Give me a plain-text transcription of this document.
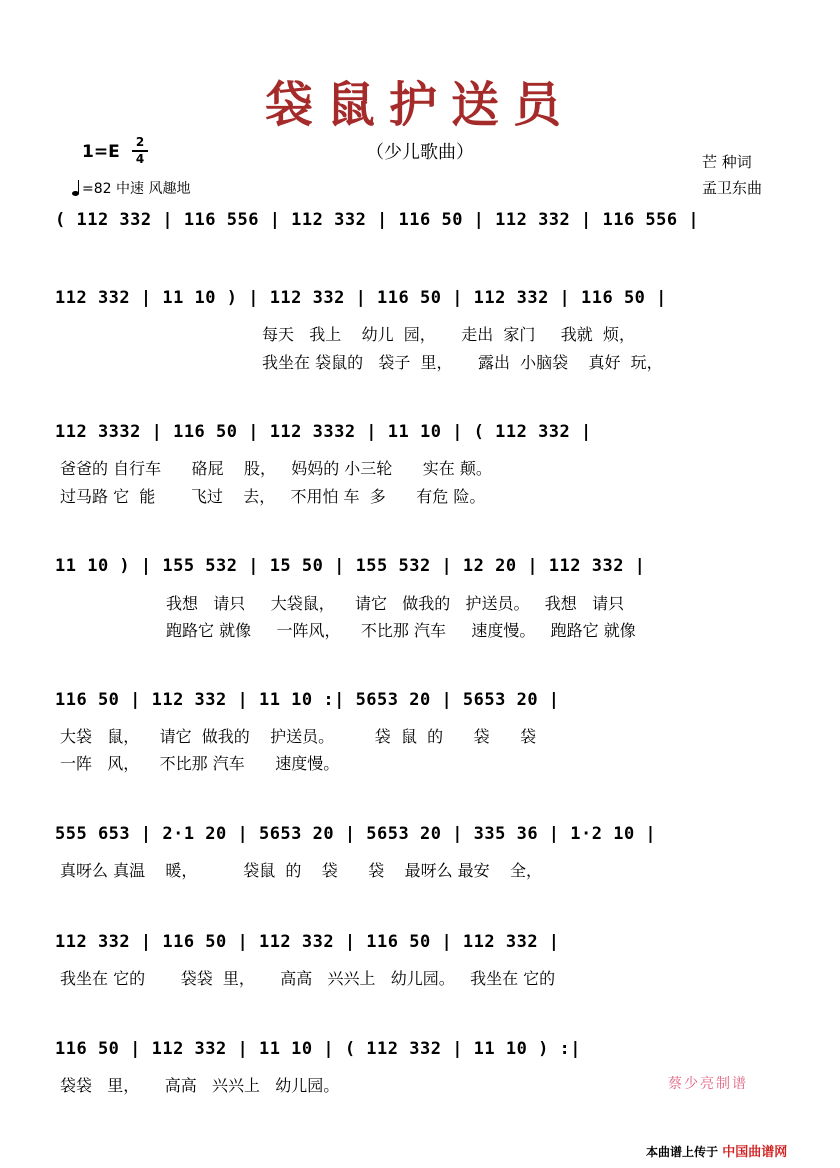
袋鼠护送员
（少儿歌曲）
1=E	2
4
=82 中速 风趣地
芒 种词
孟卫东曲
( 112 332 | 116 556 | 112 332 | 116 50 | 112 332 | 116 556 |
112 332 | 11 10 ) | 112 332 | 116 50 | 112 332 | 116 50 |
每天   我上    幼儿  园，     走出  家门     我就  烦，
我坐在 袋鼠的   袋子  里，     露出  小脑袋    真好  玩，
112 3332 | 116 50 | 112 3332 | 11 10 | ( 112 332 |
爸爸的 自行车      硌屁    股，   妈妈的 小三轮      实在 颠。
过马路 它  能       飞过    去，   不用怕 车  多      有危 险。
11 10 ) | 155 532 | 15 50 | 155 532 | 12 20 | 112 332 |
我想   请只     大袋鼠，    请它   做我的   护送员。   我想   请只
跑路它 就像     一阵风，    不比那 汽车     速度慢。   跑路它 就像
116 50 | 112 332 | 11 10 :| 5653 20 | 5653 20 |
大袋   鼠，    请它  做我的    护送员。        袋  鼠  的      袋      袋
一阵   风，    不比那 汽车      速度慢。
555 653 | 2·1 20 | 5653 20 | 5653 20 | 335 36 | 1·2 10 |
真呀么 真温    暖，         袋鼠  的    袋      袋    最呀么 最安    全，
112 332 | 116 50 | 112 332 | 116 50 | 112 332 |
我坐在 它的       袋袋  里，     高高   兴兴上   幼儿园。   我坐在 它的
116 50 | 112 332 | 11 10 | ( 112 332 | 11 10 ) :|
袋袋   里，     高高   兴兴上   幼儿园。	蔡少亮制谱
本曲谱上传于 中国曲谱网
